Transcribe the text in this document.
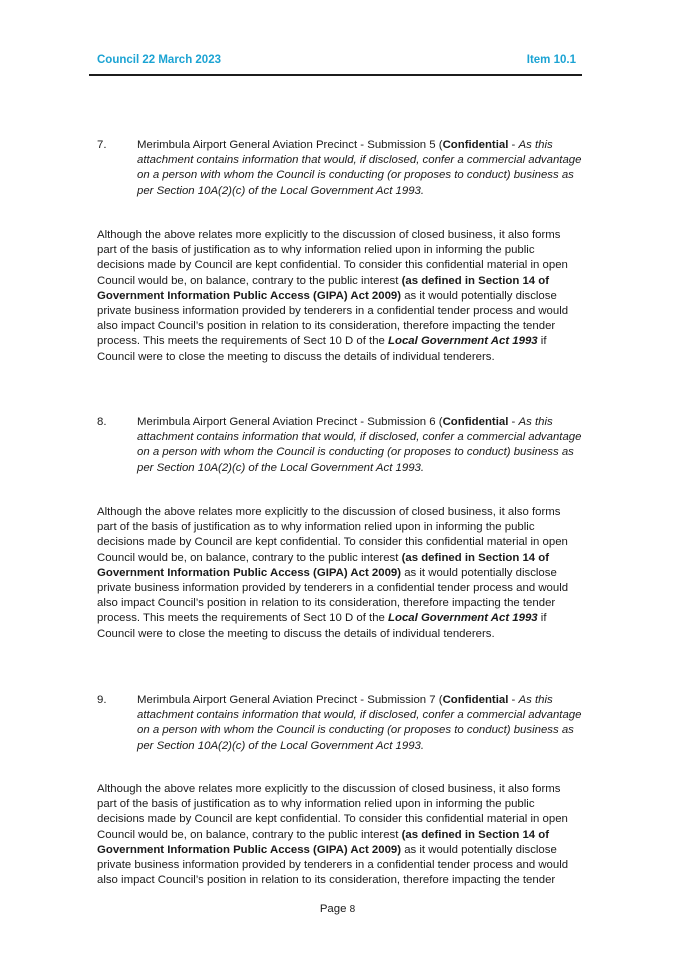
Council 22 March 2023	Item 10.1
7.	Merimbula Airport General Aviation Precinct - Submission 5 (Confidential - As this attachment contains information that would, if disclosed, confer a commercial advantage on a person with whom the Council is conducting (or proposes to conduct) business as per Section 10A(2)(c) of the Local Government Act 1993.
Although the above relates more explicitly to the discussion of closed business, it also forms part of the basis of justification as to why information relied upon in informing the public decisions made by Council are kept confidential. To consider this confidential material in open Council would be, on balance, contrary to the public interest (as defined in Section 14 of Government Information Public Access (GIPA) Act 2009) as it would potentially disclose private business information provided by tenderers in a confidential tender process and would also impact Council’s position in relation to its consideration, therefore impacting the tender process. This meets the requirements of Sect 10 D of the Local Government Act 1993 if Council were to close the meeting to discuss the details of individual tenderers.
8.	Merimbula Airport General Aviation Precinct - Submission 6 (Confidential - As this attachment contains information that would, if disclosed, confer a commercial advantage on a person with whom the Council is conducting (or proposes to conduct) business as per Section 10A(2)(c) of the Local Government Act 1993.
Although the above relates more explicitly to the discussion of closed business, it also forms part of the basis of justification as to why information relied upon in informing the public decisions made by Council are kept confidential. To consider this confidential material in open Council would be, on balance, contrary to the public interest (as defined in Section 14 of Government Information Public Access (GIPA) Act 2009) as it would potentially disclose private business information provided by tenderers in a confidential tender process and would also impact Council’s position in relation to its consideration, therefore impacting the tender process. This meets the requirements of Sect 10 D of the Local Government Act 1993 if Council were to close the meeting to discuss the details of individual tenderers.
9.	Merimbula Airport General Aviation Precinct - Submission 7 (Confidential - As this attachment contains information that would, if disclosed, confer a commercial advantage on a person with whom the Council is conducting (or proposes to conduct) business as per Section 10A(2)(c) of the Local Government Act 1993.
Although the above relates more explicitly to the discussion of closed business, it also forms part of the basis of justification as to why information relied upon in informing the public decisions made by Council are kept confidential. To consider this confidential material in open Council would be, on balance, contrary to the public interest (as defined in Section 14 of Government Information Public Access (GIPA) Act 2009) as it would potentially disclose private business information provided by tenderers in a confidential tender process and would also impact Council’s position in relation to its consideration, therefore impacting the tender
Page 8
